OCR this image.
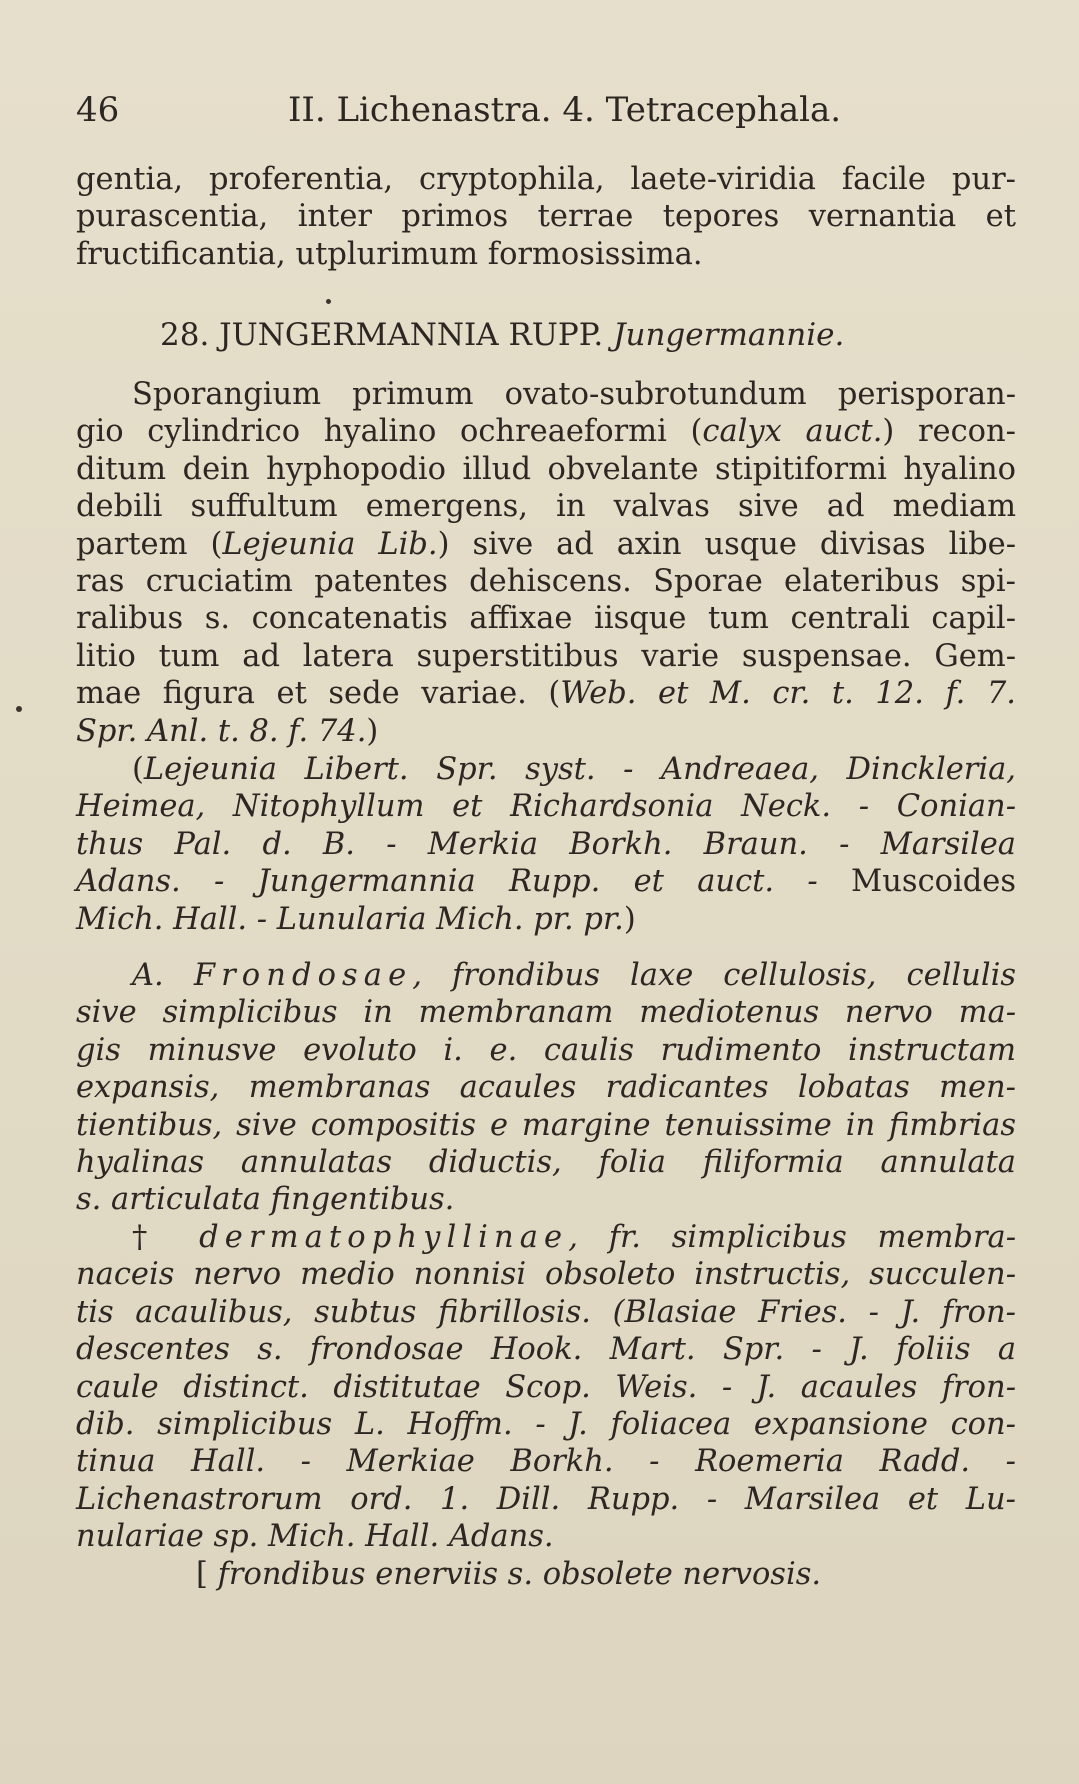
46	II. Lichenastra. 4. Tetracephala.
gentia, proferentia, cryptophila, laete-viridia facile pur-
purascentia, inter primos terrae tepores vernantia et
fructificantia, utplurimum formosissima.
28. JUNGERMANNIA RUPP. Jungermannie.
Sporangium primum ovato-subrotundum perisporan-
gio cylindrico hyalino ochreaeformi (calyx auct.) recon-
ditum dein hyphopodio illud obvelante stipitiformi hyalino
debili suffultum emergens, in valvas sive ad mediam
partem (Lejeunia Lib.) sive ad axin usque divisas libe-
ras cruciatim patentes dehiscens. Sporae elateribus spi-
ralibus s. concatenatis affixae iisque tum centrali capil-
litio tum ad latera superstitibus varie suspensae. Gem-
mae figura et sede variae. (Web. et M. cr. t. 12. f. 7.
Spr. Anl. t. 8. f. 74.)
(Lejeunia Libert. Spr. syst. - Andreaea, Dinckleria,
Heimea, Nitophyllum et Richardsonia Neck. - Conian-
thus Pal. d. B. - Merkia Borkh. Braun. - Marsilea
Adans. - Jungermannia Rupp. et auct. - Muscoides
Mich. Hall. - Lunularia Mich. pr. pr.)
A. Frondosae, frondibus laxe cellulosis, cellulis
sive simplicibus in membranam mediotenus nervo ma-
gis minusve evoluto i. e. caulis rudimento instructam
expansis, membranas acaules radicantes lobatas men-
tientibus, sive compositis e margine tenuissime in fimbrias
hyalinas annulatas diductis, folia filiformia annulata
s. articulata fingentibus.
† dermatophyllinae, fr. simplicibus membra-
naceis nervo medio nonnisi obsoleto instructis, succulen-
tis acaulibus, subtus fibrillosis. (Blasiae Fries. - J. fron-
descentes s. frondosae Hook. Mart. Spr. - J. foliis a
caule distinct. distitutae Scop. Weis. - J. acaules fron-
dib. simplicibus L. Hoffm. - J. foliacea expansione con-
tinua Hall. - Merkiae Borkh. - Roemeria Radd. -
Lichenastrorum ord. 1. Dill. Rupp. - Marsilea et Lu-
nulariae sp. Mich. Hall. Adans.
[ frondibus enerviis s. obsolete nervosis.
